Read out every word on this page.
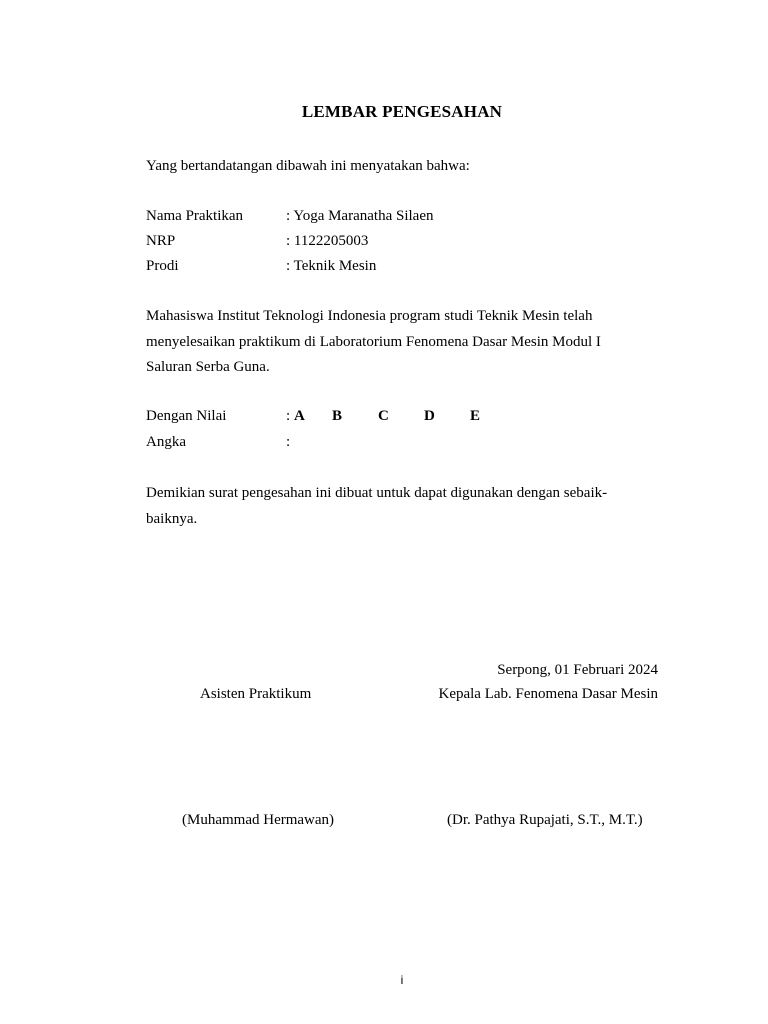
LEMBAR PENGESAHAN
Yang bertandatangan dibawah ini menyatakan bahwa:
Nama Praktikan	: Yoga Maranatha Silaen
NRP	: 1122205003
Prodi	: Teknik Mesin
Mahasiswa Institut Teknologi Indonesia program studi Teknik Mesin telah
menyelesaikan praktikum di Laboratorium Fenomena Dasar Mesin Modul I
Saluran Serba Guna.
Dengan Nilai	: A B C D E
Angka	:
Demikian surat pengesahan ini dibuat untuk dapat digunakan dengan sebaik-
baiknya.
Serpong, 01 Februari 2024
Asisten Praktikum	Kepala Lab. Fenomena Dasar Mesin
(Muhammad Hermawan)	(Dr. Pathya Rupajati, S.T., M.T.)
i
